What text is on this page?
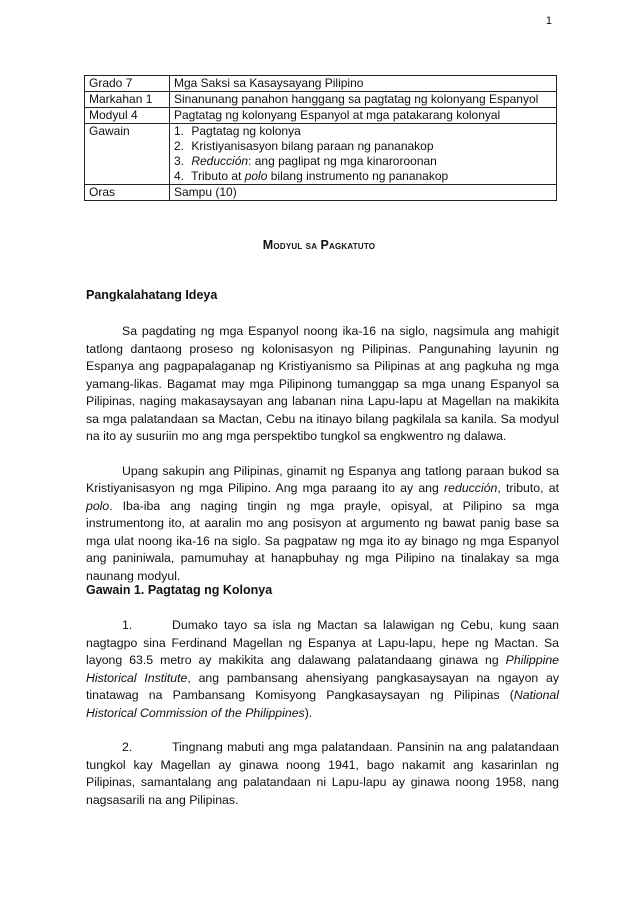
1
Grado 7	Mga Saksi sa Kasaysayang Pilipino
Markahan 1	Sinanunang panahon hanggang sa pagtatag ng kolonyang Espanyol
Modyul 4	Pagtatag ng kolonyang Espanyol at mga patakarang kolonyal
Gawain	1. Pagtatag ng kolonya
2. Kristiyanisasyon bilang paraan ng pananakop
3. Reducción: ang paglipat ng mga kinaroroonan
4. Tributo at polo bilang instrumento ng pananakop

Oras	Sampu (10)
Modyul sa Pagkatuto
Pangkalahatang Ideya

Sa pagdating ng mga Espanyol noong ika-16 na siglo, nagsimula ang mahigit tatlong dantaong proseso ng kolonisasyon ng Pilipinas. Pangunahing layunin ng Espanya ang pagpapalaganap ng Kristiyanismo sa Pilipinas at ang pagkuha ng mga yamang-likas. Bagamat may mga Pilipinong tumanggap sa mga unang Espanyol sa Pilipinas, naging makasaysayan ang labanan nina Lapu-lapu at Magellan na makikita sa mga palatandaan sa Mactan, Cebu na itinayo bilang pagkilala sa kanila. Sa modyul na ito ay susuriin mo ang mga perspektibo tungkol sa engkwentro ng dalawa.

Upang sakupin ang Pilipinas, ginamit ng Espanya ang tatlong paraan bukod sa Kristiyanisasyon ng mga Pilipino. Ang mga paraang ito ay ang reducción, tributo, at polo. Iba-iba ang naging tingin ng mga prayle, opisyal, at Pilipino sa mga instrumentong ito, at aaralin mo ang posisyon at argumento ng bawat panig base sa mga ulat noong ika-16 na siglo. Sa pagpataw ng mga ito ay binago ng mga Espanyol ang paniniwala, pamumuhay at hanapbuhay ng mga Pilipino na tinalakay sa mga naunang modyul.

Gawain 1. Pagtatag ng Kolonya

1.	Dumako tayo sa isla ng Mactan sa lalawigan ng Cebu, kung saan nagtagpo sina Ferdinand Magellan ng Espanya at Lapu-lapu, hepe ng Mactan. Sa layong 63.5 metro ay makikita ang dalawang palatandaang ginawa ng Philippine Historical Institute, ang pambansang ahensiyang pangkasaysayan na ngayon ay tinatawag na Pambansang Komisyong Pangkasaysayan ng Pilipinas (National Historical Commission of the Philippines).

2.	Tingnang mabuti ang mga palatandaan. Pansinin na ang palatandaan tungkol kay Magellan ay ginawa noong 1941, bago nakamit ang kasarinlan ng Pilipinas, samantalang ang palatandaan ni Lapu-lapu ay ginawa noong 1958, nang nagsasarili na ang Pilipinas.
